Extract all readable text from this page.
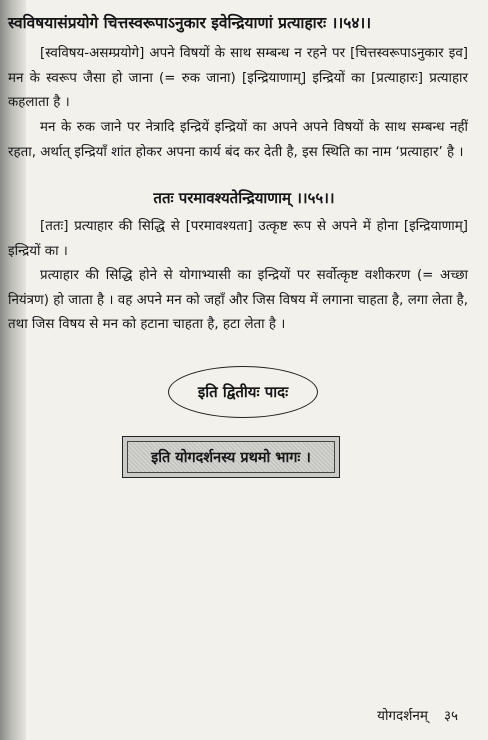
स्वविषयासंप्रयोगे चित्तस्वरूपाऽनुकार इवेन्द्रियाणां प्रत्याहारः ।।५४।।
[स्वविषय-असम्प्रयोगे] अपने विषयों के साथ सम्बन्ध न रहने पर [चित्तस्वरूपाऽनुकार इव] मन के स्वरूप जैसा हो जाना (= रुक जाना) [इन्द्रियाणाम्] इन्द्रियों का [प्रत्याहारः] प्रत्याहार कहलाता है ।
मन के रुक जाने पर नेत्रादि इन्द्रियें इन्द्रियों का अपने अपने विषयों के साथ सम्बन्ध नहीं रहता, अर्थात् इन्द्रियाँ शांत होकर अपना कार्य बंद कर देती है, इस स्थिति का नाम ‘प्रत्याहार’ है ।
ततः परमावश्यतेन्द्रियाणाम् ।।५५।।
[ततः] प्रत्याहार की सिद्धि से [परमावश्यता] उत्कृष्ट रूप से अपने में होना [इन्द्रियाणाम्] इन्द्रियों का ।
प्रत्याहार की सिद्धि होने से योगाभ्यासी का इन्द्रियों पर सर्वोत्कृष्ट वशीकरण (= अच्छा नियंत्रण) हो जाता है । वह अपने मन को जहाँ और जिस विषय में लगाना चाहता है, लगा लेता है, तथा जिस विषय से मन को हटाना चाहता है, हटा लेता है ।
इति द्वितीयः पादः
इति योगदर्शनस्य प्रथमो भागः ।
योगदर्शनम् ३५
